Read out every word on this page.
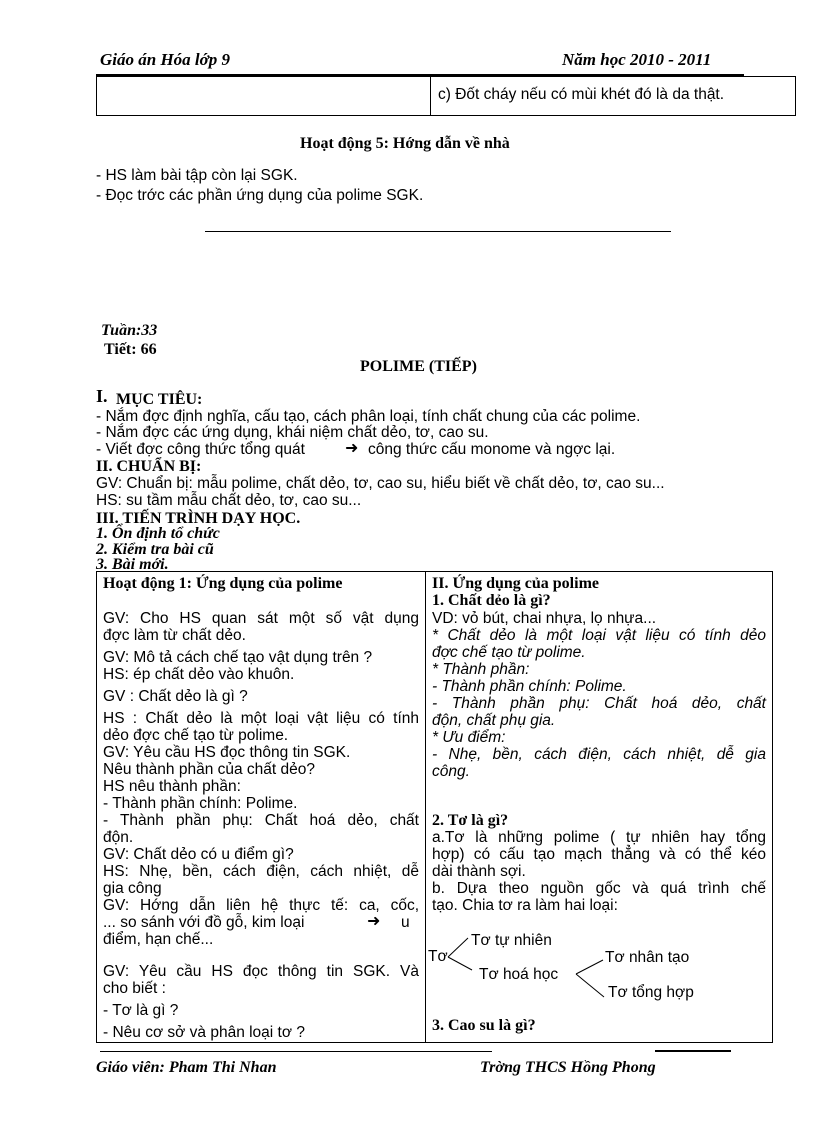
Giáo án Hóa lớp 9	Năm học 2010 - 2011
c) Đốt cháy nếu có mùi khét đó là da thật.
Hoạt động 5: Hớng dẫn về nhà
- HS làm bài tập còn lại SGK.
- Đọc trớc các phần ứng dụng của polime SGK.
Tuần:33
Tiết: 66
POLIME (TIẾP)
I. MỤC TIÊU:
- Nắm đợc định nghĩa, cấu tạo, cách phân loại, tính chất chung của các polime.
- Nắm đợc các ứng dụng, khái niệm chất dẻo, tơ, cao su.
- Viết đợc công thức tổng quát	➜ công thức cấu monome và ngợc lại.
II. CHUẨN BỊ:
GV: Chuẩn bị: mẫu polime, chất dẻo, tơ, cao su, hiểu biết về chất dẻo, tơ, cao su...
HS: su tầm mẫu chất dẻo, tơ, cao su...
III. TIẾN TRÌNH DẠY HỌC.
1. Ổn định tổ chức
2. Kiểm tra bài cũ
3. Bài mới.
Hoạt động 1: Ứng dụng của polime
GV: Cho HS quan sát một số vật dụng
đợc làm từ chất dẻo.
GV: Mô tả cách chế tạo vật dụng trên ?
HS: ép chất dẻo vào khuôn.
GV : Chất dẻo là gì ?
HS : Chất dẻo là một loại vật liệu có tính
dẻo đợc chế tạo từ polime.
GV: Yêu cầu HS đọc thông tin SGK.
Nêu thành phần của chất dẻo?
HS nêu thành phần:
- Thành phần chính: Polime.
- Thành phần phụ: Chất hoá dẻo, chất
độn.
GV: Chất dẻo có u điểm gì?
HS: Nhẹ, bền, cách điện, cách nhiệt, dễ
gia công
GV: Hớng dẫn liên hệ thực tế: ca, cốc,
... so sánh với đồ gỗ, kim loại	➜ u
điểm, hạn chế...
GV: Yêu cầu HS đọc thông tin SGK. Và
cho biết :
- Tơ là gì ?
- Nêu cơ sở và phân loại tơ ?
II. Ứng dụng của polime
1. Chất dẻo là gì?
VD: vỏ bút, chai nhựa, lọ nhựa...
* Chất dẻo là một loại vật liệu có tính dẻo
đợc chế tạo từ polime.
* Thành phần:
- Thành phần chính: Polime.
- Thành phần phụ: Chất hoá dẻo, chất
độn, chất phụ gia.
* Ưu điểm:
- Nhẹ, bền, cách điện, cách nhiệt, dễ gia
công.
2. Tơ là gì?
a.Tơ là những polime ( tự nhiên hay tổng
hợp) có cấu tạo mạch thẳng và có thể kéo
dài thành sợi.
b. Dựa theo nguồn gốc và quá trình chế
tạo. Chia tơ ra làm hai loại:
Tơ
Tơ tự nhiên
Tơ hoá học
Tơ nhân tạo
Tơ tổng hợp
3. Cao su là gì?
Giáo viên: Pham Thi Nhan	Trờng THCS Hồng Phong
